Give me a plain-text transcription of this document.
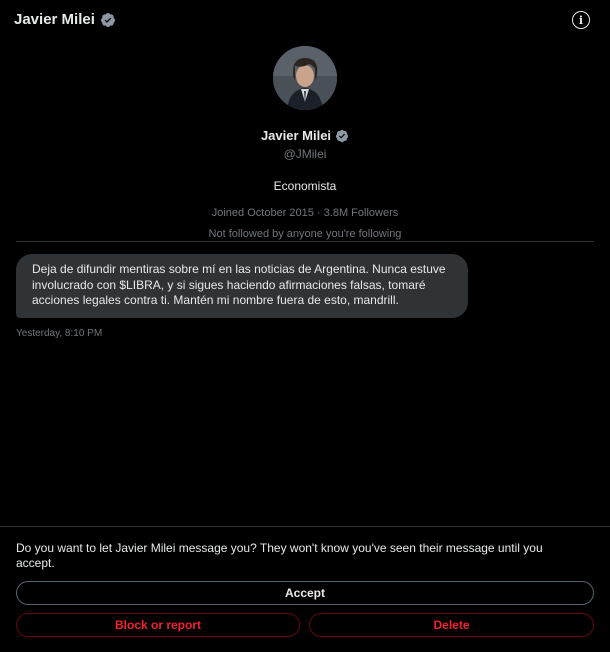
Javier Milei	i
Javier Milei
@JMilei
Economista
Joined October 2015 · 3.8M Followers
Not followed by anyone you're following
Deja de difundir mentiras sobre mí en las noticias de Argentina. Nunca estuve involucrado con $LIBRA, y si sigues haciendo afirmaciones falsas, tomaré acciones legales contra ti. Mantén mi nombre fuera de esto, mandrill.
Yesterday, 8:10 PM
Do you want to let Javier Milei message you? They won't know you've seen their message until you accept.
Accept
Block or report	Delete
